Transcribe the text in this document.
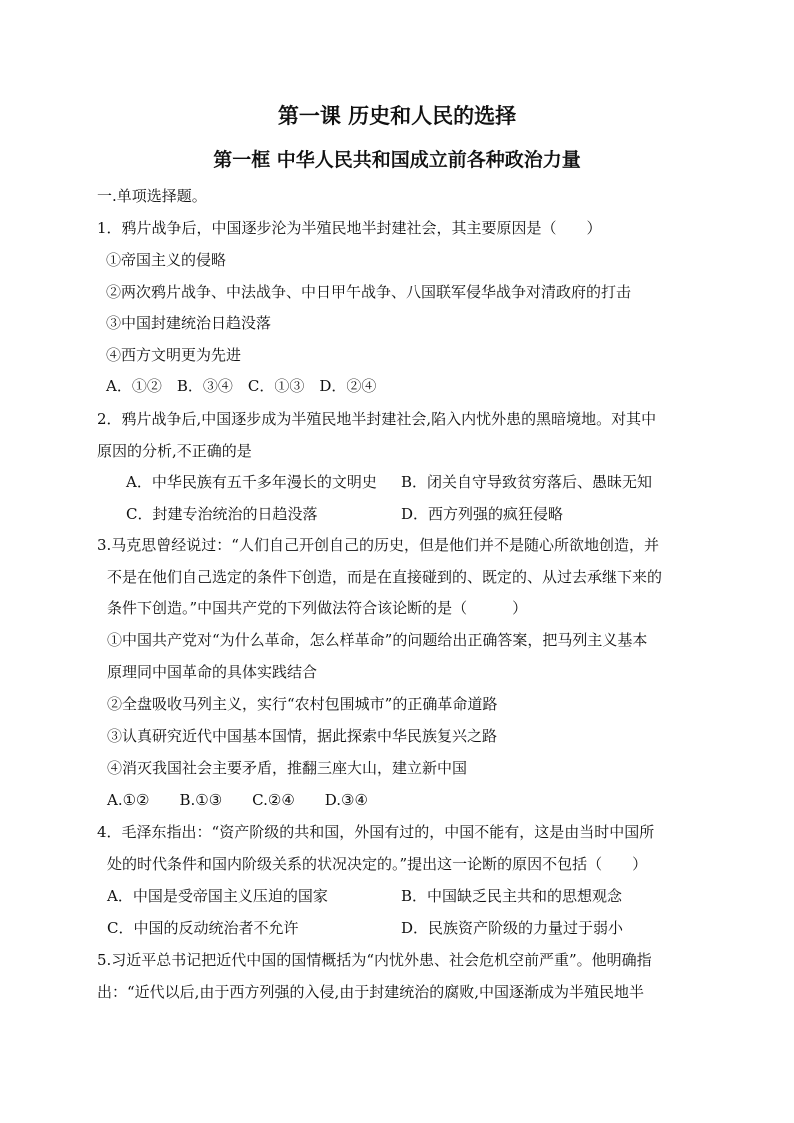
第一课 历史和人民的选择
第一框 中华人民共和国成立前各种政治力量
一.单项选择题。
1．鸦片战争后，中国逐步沦为半殖民地半封建社会，其主要原因是（　　）
①帝国主义的侵略
②两次鸦片战争、中法战争、中日甲午战争、八国联军侵华战争对清政府的打击
③中国封建统治日趋没落
④西方文明更为先进
A．①②　B．③④　C．①③　D．②④
2．鸦片战争后,中国逐步成为半殖民地半封建社会,陷入内忧外患的黑暗境地。对其中
原因的分析,不正确的是
A．中华民族有五千多年漫长的文明史 B．闭关自守导致贫穷落后、愚昧无知
C．封建专治统治的日趋没落	D．西方列强的疯狂侵略
3.马克思曾经说过：“人们自己开创自己的历史，但是他们并不是随心所欲地创造，并
不是在他们自己选定的条件下创造，而是在直接碰到的、既定的、从过去承继下来的
条件下创造。”中国共产党的下列做法符合该论断的是（　　　）
①中国共产党对“为什么革命，怎么样革命”的问题给出正确答案，把马列主义基本
原理同中国革命的具体实践结合
②全盘吸收马列主义，实行“农村包围城市”的正确革命道路
③认真研究近代中国基本国情，据此探索中华民族复兴之路
④消灭我国社会主要矛盾，推翻三座大山，建立新中国
A.①②　　B.①③　　C.②④　　D.③④
4．毛泽东指出：“资产阶级的共和国，外国有过的，中国不能有，这是由当时中国所
处的时代条件和国内阶级关系的状况决定的。”提出这一论断的原因不包括（　　）
A．中国是受帝国主义压迫的国家	B．中国缺乏民主共和的思想观念
C．中国的反动统治者不允许	D．民族资产阶级的力量过于弱小
5.习近平总书记把近代中国的国情概括为“内忧外患、社会危机空前严重”。他明确指
出：“近代以后,由于西方列强的入侵,由于封建统治的腐败,中国逐渐成为半殖民地半
